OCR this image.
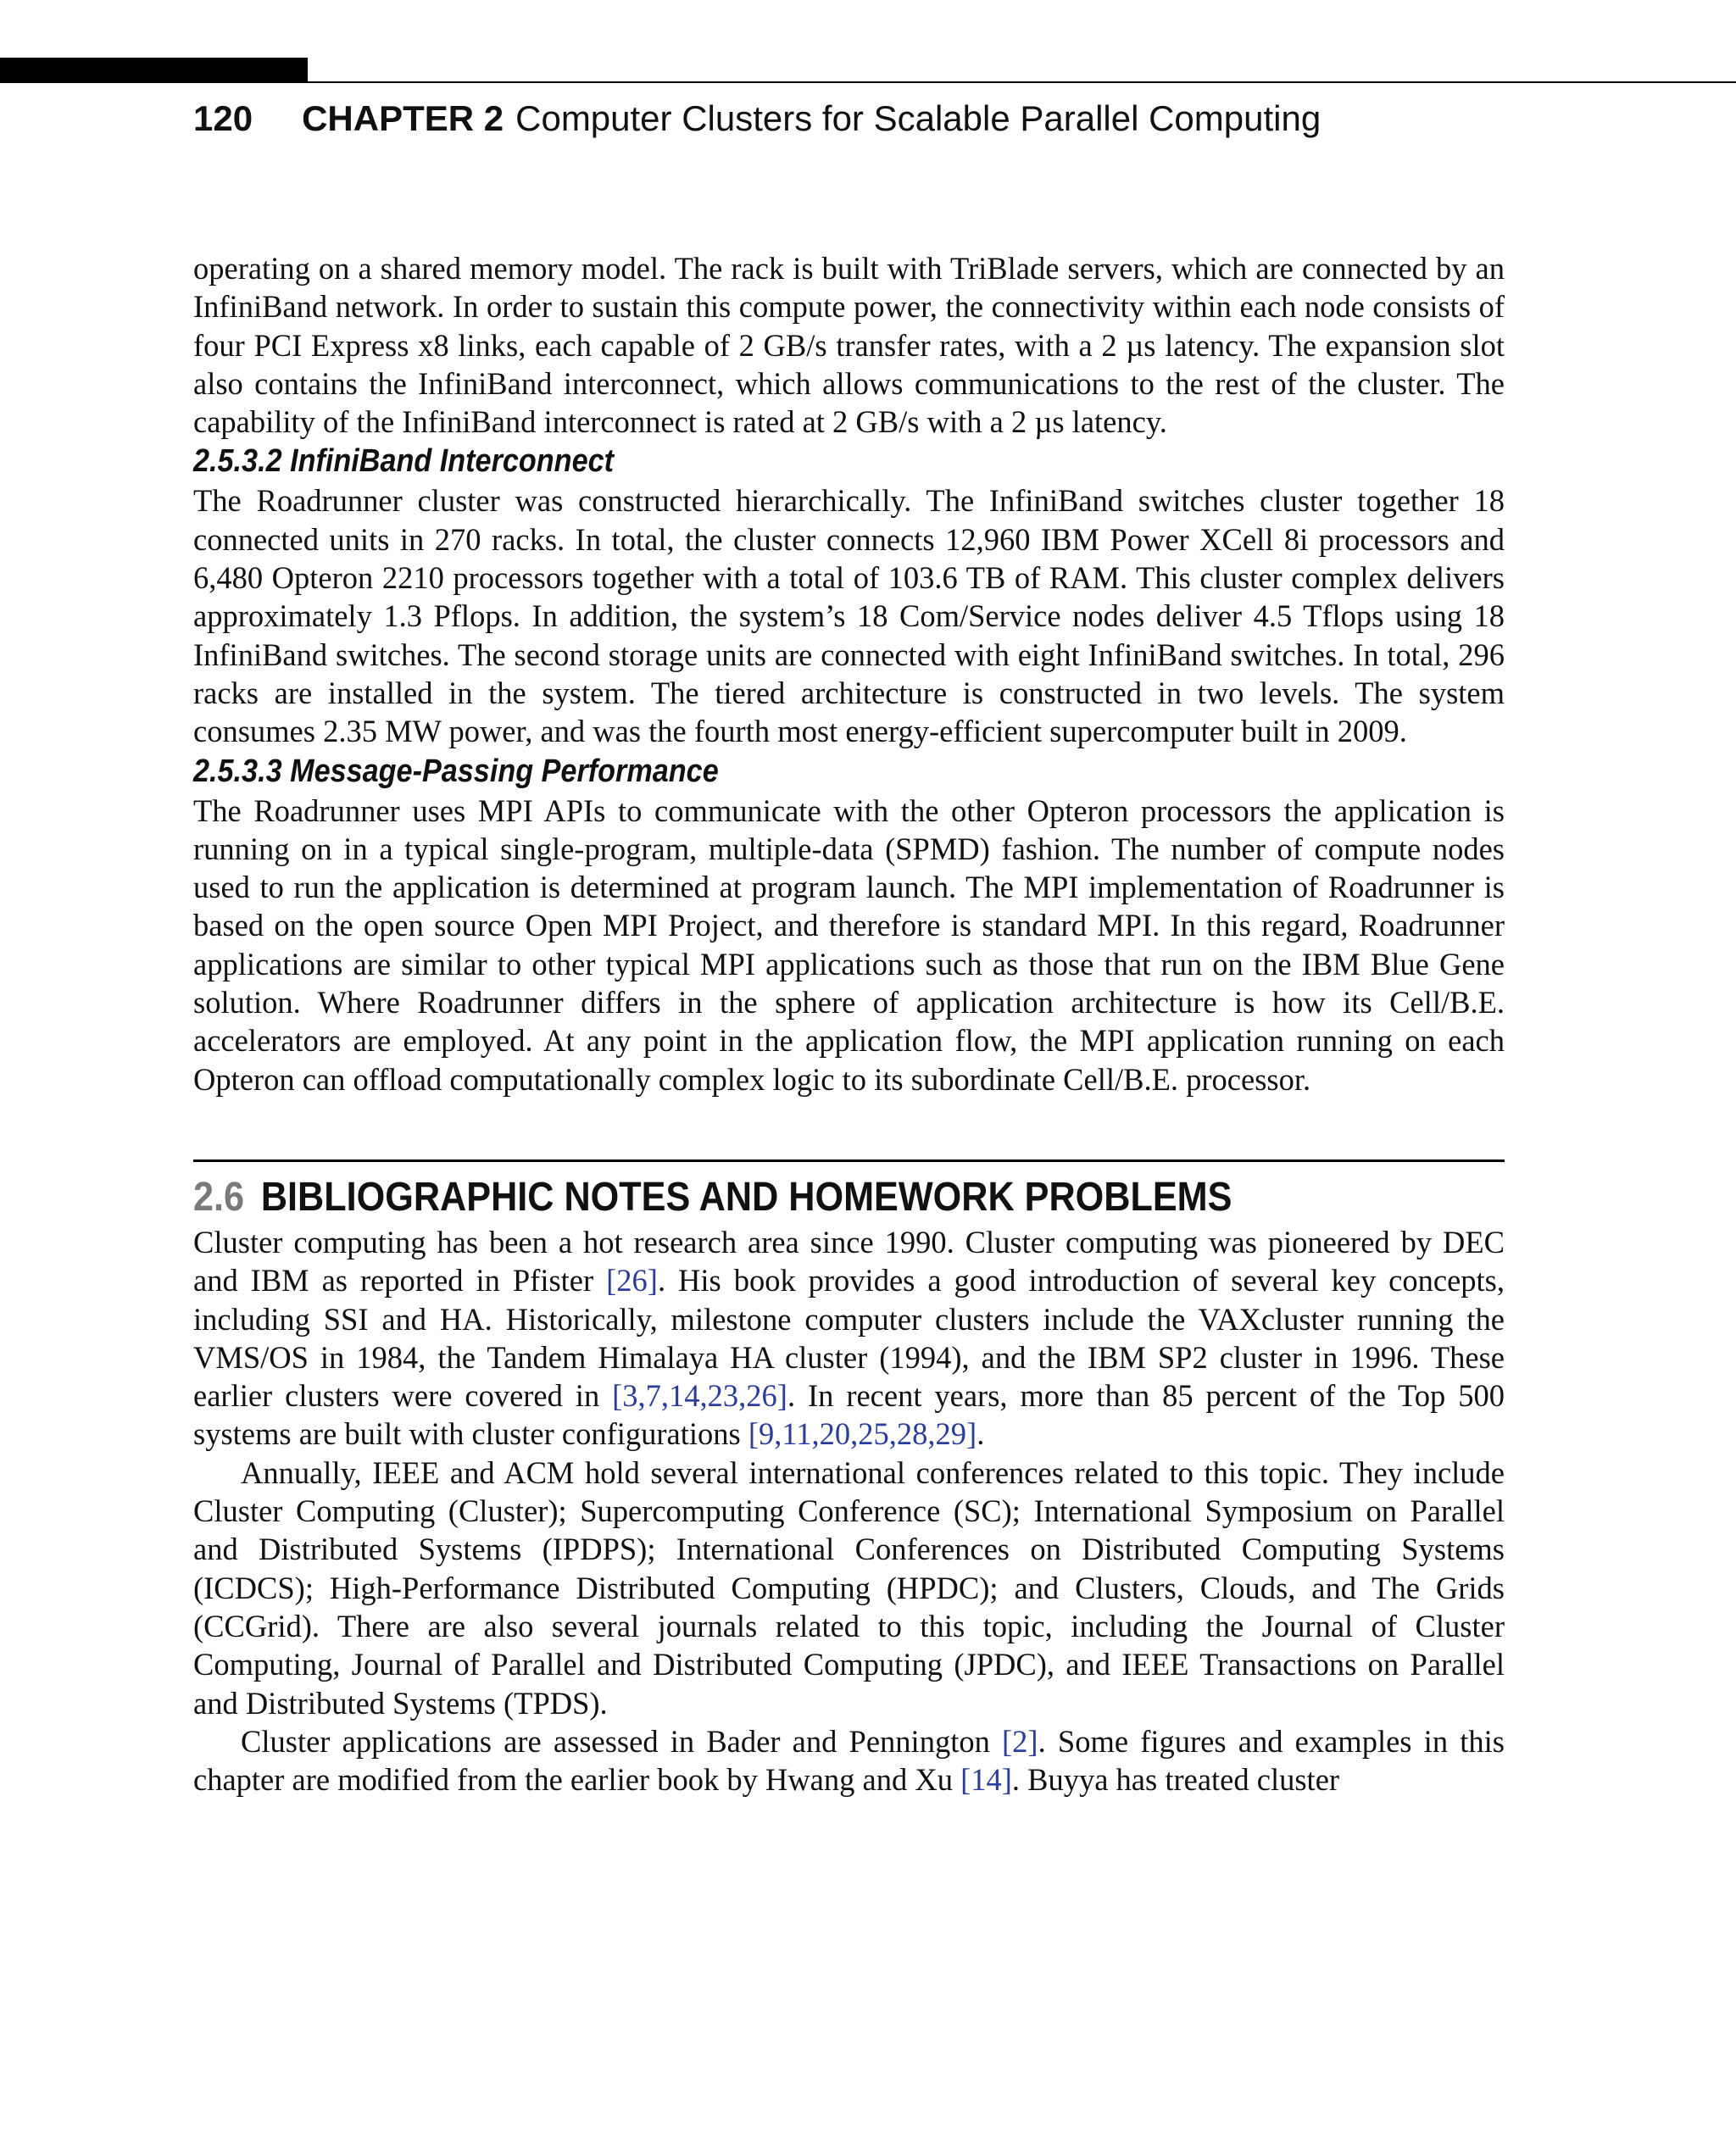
120 CHAPTER 2 Computer Clusters for Scalable Parallel Computing

operating on a shared memory model. The rack is built with TriBlade servers, which are connected by an InfiniBand network. In order to sustain this compute power, the connectivity within each node consists of four PCI Express x8 links, each capable of 2 GB/s transfer rates, with a 2 µs latency. The expansion slot also contains the InfiniBand interconnect, which allows communications to the rest of the cluster. The capability of the InfiniBand interconnect is rated at 2 GB/s with a 2 µs latency.

2.5.3.2 InfiniBand Interconnect

The Roadrunner cluster was constructed hierarchically. The InfiniBand switches cluster together 18 connected units in 270 racks. In total, the cluster connects 12,960 IBM Power XCell 8i processors and 6,480 Opteron 2210 processors together with a total of 103.6 TB of RAM. This cluster complex delivers approximately 1.3 Pflops. In addition, the system’s 18 Com/Service nodes deliver 4.5 Tflops using 18 InfiniBand switches. The second storage units are connected with eight InfiniBand switches. In total, 296 racks are installed in the system. The tiered architecture is constructed in two levels. The system consumes 2.35 MW power, and was the fourth most energy-efficient supercomputer built in 2009.

2.5.3.3 Message-Passing Performance

The Roadrunner uses MPI APIs to communicate with the other Opteron processors the application is running on in a typical single-program, multiple-data (SPMD) fashion. The number of compute nodes used to run the application is determined at program launch. The MPI implementation of Roadrunner is based on the open source Open MPI Project, and therefore is standard MPI. In this regard, Roadrunner applications are similar to other typical MPI applications such as those that run on the IBM Blue Gene solution. Where Roadrunner differs in the sphere of application architecture is how its Cell/B.E. accelerators are employed. At any point in the application flow, the MPI application running on each Opteron can offload computationally complex logic to its subordinate Cell/B.E. processor.

2.6 BIBLIOGRAPHIC NOTES AND HOMEWORK PROBLEMS

Cluster computing has been a hot research area since 1990. Cluster computing was pioneered by DEC and IBM as reported in Pfister [26]. His book provides a good introduction of several key concepts, including SSI and HA. Historically, milestone computer clusters include the VAXcluster running the VMS/OS in 1984, the Tandem Himalaya HA cluster (1994), and the IBM SP2 cluster in 1996. These earlier clusters were covered in [3,7,14,23,26]. In recent years, more than 85 percent of the Top 500 systems are built with cluster configurations [9,11,20,25,28,29].

Annually, IEEE and ACM hold several international conferences related to this topic. They include Cluster Computing (Cluster); Supercomputing Conference (SC); International Symposium on Parallel and Distributed Systems (IPDPS); International Conferences on Distributed Computing Systems (ICDCS); High-Performance Distributed Computing (HPDC); and Clusters, Clouds, and The Grids (CCGrid). There are also several journals related to this topic, including the Journal of Cluster Computing, Journal of Parallel and Distributed Computing (JPDC), and IEEE Transactions on Parallel and Distributed Systems (TPDS).

Cluster applications are assessed in Bader and Pennington [2]. Some figures and examples in this chapter are modified from the earlier book by Hwang and Xu [14]. Buyya has treated cluster
